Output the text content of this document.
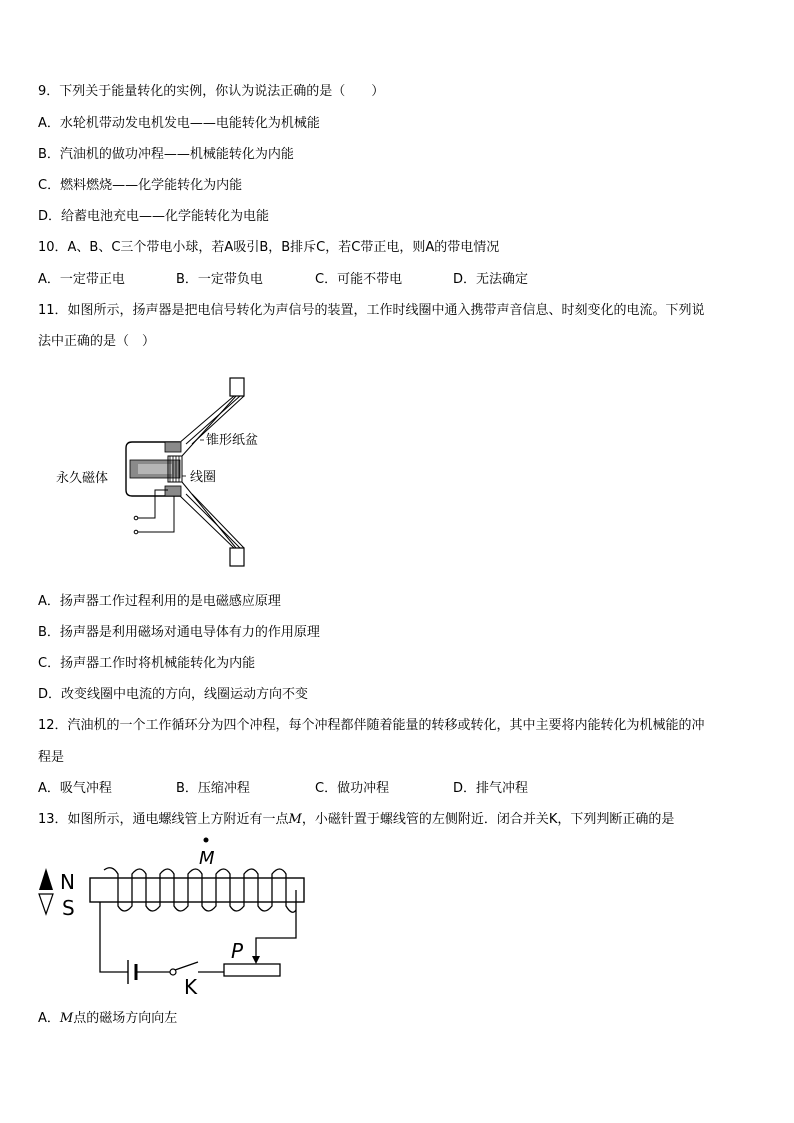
9．下列关于能量转化的实例，你认为说法正确的是（　　）
A．水轮机带动发电机发电——电能转化为机械能
B．汽油机的做功冲程——机械能转化为内能
C．燃料燃烧——化学能转化为内能
D．给蓄电池充电——化学能转化为电能
10．A、B、C三个带电小球，若A吸引B，B排斥C，若C带正电，则A的带电情况
A．一定带正电	B．一定带负电	C．可能不带电	D．无法确定
11．如图所示，扬声器是把电信号转化为声信号的装置，工作时线圈中通入携带声音信息、时刻变化的电流。下列说
法中正确的是（　）
锥形纸盆
永久磁体	线圈
A．扬声器工作过程利用的是电磁感应原理
B．扬声器是利用磁场对通电导体有力的作用原理
C．扬声器工作时将机械能转化为内能
D．改变线圈中电流的方向，线圈运动方向不变
12．汽油机的一个工作循环分为四个冲程，每个冲程都伴随着能量的转移或转化，其中主要将内能转化为机械能的冲
程是
A．吸气冲程	B．压缩冲程	C．做功冲程	D．排气冲程
13．如图所示，通电螺线管上方附近有一点M，小磁针置于螺线管的左侧附近．闭合并关K，下列判断正确的是
N
S
M
K
P
A．M点的磁场方向向左
